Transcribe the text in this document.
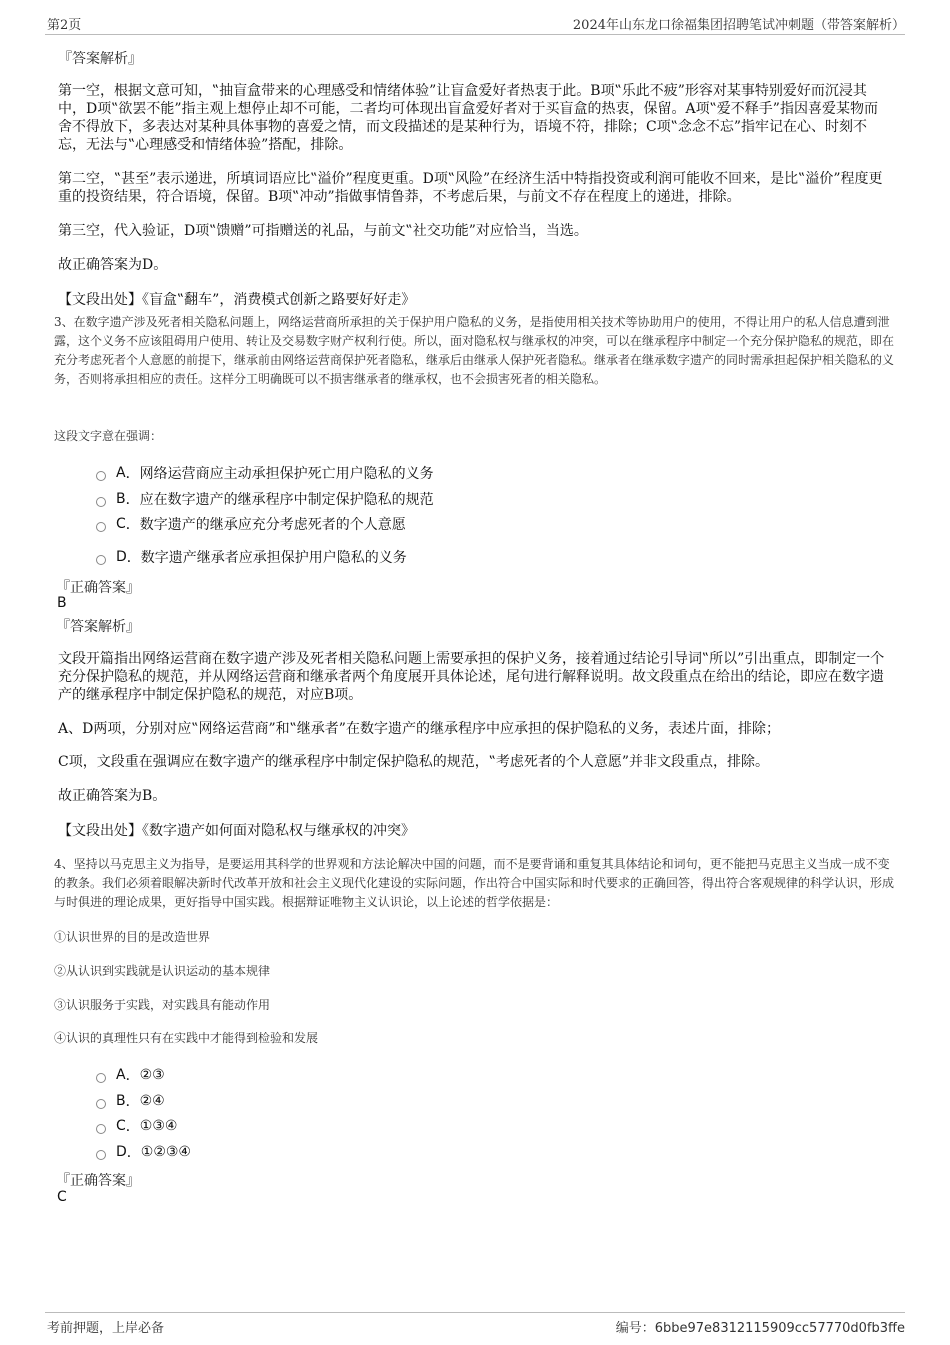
第2页	2024年山东龙口徐福集团招聘笔试冲刺题（带答案解析）
『答案解析』
第一空，根据文意可知，‟抽盲盒带来的心理感受和情绪体验”让盲盒爱好者热衷于此。B项‟乐此不疲”形容对某事特别爱好而沉浸其中，D项‟欲罢不能”指主观上想停止却不可能，二者均可体现出盲盒爱好者对于买盲盒的热衷，保留。A项‟爱不释手”指因喜爱某物而舍不得放下，多表达对某种具体事物的喜爱之情，而文段描述的是某种行为，语境不符，排除；C项‟念念不忘”指牢记在心、时刻不忘，无法与‟心理感受和情绪体验”搭配，排除。
第二空，‟甚至”表示递进，所填词语应比‟溢价”程度更重。D项‟风险”在经济生活中特指投资或利润可能收不回来，是比‟溢价”程度更重的投资结果，符合语境，保留。B项‟冲动”指做事情鲁莽，不考虑后果，与前文不存在程度上的递进，排除。
第三空，代入验证，D项‟馈赠”可指赠送的礼品，与前文‟社交功能”对应恰当，当选。
故正确答案为D。
【文段出处】《盲盒‟翻车”，消费模式创新之路要好好走》
3、在数字遗产涉及死者相关隐私问题上，网络运营商所承担的关于保护用户隐私的义务，是指使用相关技术等协助用户的使用，不得让用户的私人信息遭到泄露，这个义务不应该阻碍用户使用、转让及交易数字财产权利行使。所以，面对隐私权与继承权的冲突，可以在继承程序中制定一个充分保护隐私的规范，即在充分考虑死者个人意愿的前提下，继承前由网络运营商保护死者隐私，继承后由继承人保护死者隐私。继承者在继承数字遗产的同时需承担起保护相关隐私的义务，否则将承担相应的责任。这样分工明确既可以不损害继承者的继承权，也不会损害死者的相关隐私。
这段文字意在强调：
A ． 网络运营商应主动承担保护死亡用户隐私的义务
B ． 应在数字遗产的继承程序中制定保护隐私的规范
C ． 数字遗产的继承应充分考虑死者的个人意愿
D ． 数字遗产继承者应承担保护用户隐私的义务
『正确答案』
B
『答案解析』
文段开篇指出网络运营商在数字遗产涉及死者相关隐私问题上需要承担的保护义务，接着通过结论引导词‟所以”引出重点，即制定一个充分保护隐私的规范，并从网络运营商和继承者两个角度展开具体论述，尾句进行解释说明。故文段重点在给出的结论，即应在数字遗产的继承程序中制定保护隐私的规范，对应B项。
A、D两项，分别对应‟网络运营商”和‟继承者”在数字遗产的继承程序中应承担的保护隐私的义务，表述片面，排除；
C项，文段重在强调应在数字遗产的继承程序中制定保护隐私的规范，‟考虑死者的个人意愿”并非文段重点，排除。
故正确答案为B。
【文段出处】《数字遗产如何面对隐私权与继承权的冲突》
4、坚持以马克思主义为指导，是要运用其科学的世界观和方法论解决中国的问题，而不是要背诵和重复其具体结论和词句，更不能把马克思主义当成一成不变的教条。我们必须着眼解决新时代改革开放和社会主义现代化建设的实际问题，作出符合中国实际和时代要求的正确回答，得出符合客观规律的科学认识，形成与时俱进的理论成果，更好指导中国实践。根据辩证唯物主义认识论，以上论述的哲学依据是：
①认识世界的目的是改造世界
②从认识到实践就是认识运动的基本规律
③认识服务于实践，对实践具有能动作用
④认识的真理性只有在实践中才能得到检验和发展
A ． ②③
B ． ②④
C ． ①③④
D ． ①②③④
『正确答案』
C
考前押题，上岸必备	编号：6bbe97e8312115909cc57770d0fb3ffe
